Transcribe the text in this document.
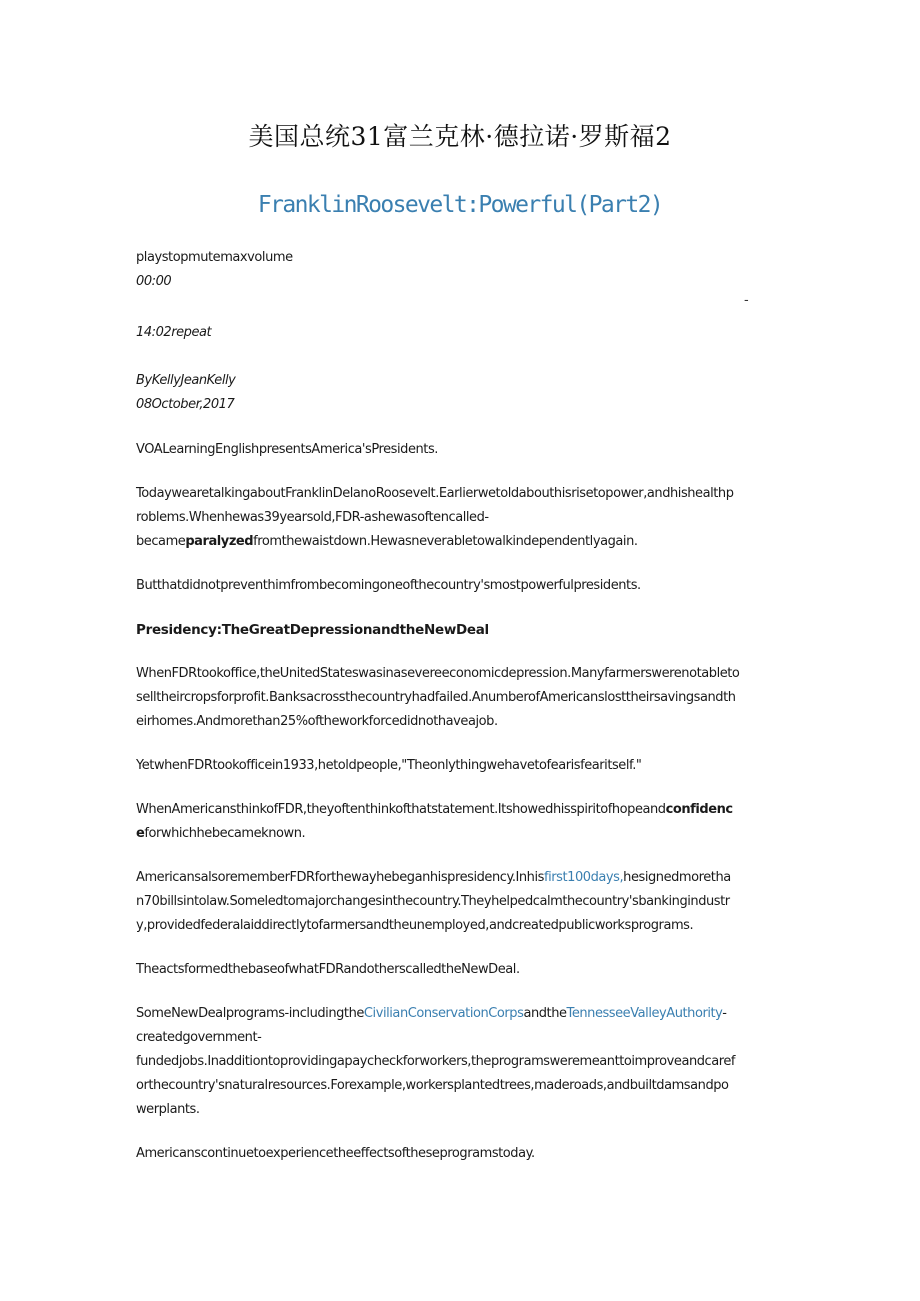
美国总统31富兰克林·德拉诺·罗斯福2
FranklinRoosevelt:Powerful(Part2)
playstopmutemaxvolume
00:00
-
14:02repeat
ByKellyJeanKelly
08October,2017
VOALearningEnglishpresentsAmerica'sPresidents.
TodaywearetalkingaboutFranklinDelanoRoosevelt.Earlierwetoldabouthisrisetopower,andhishealthp
roblems.Whenhewas39yearsold,FDR-ashewasoftencalled-
becameparalyzedfromthewaistdown.Hewasneverabletowalkindependentlyagain.
Butthatdidnotpreventhimfrombecomingoneofthecountry'smostpowerfulpresidents.
Presidency:TheGreatDepressionandtheNewDeal
WhenFDRtookoffice,theUnitedStateswasinasevereeconomicdepression.Manyfarmerswerenotableto
selltheircropsforprofit.Banksacrossthecountryhadfailed.AnumberofAmericanslosttheirsavingsandth
eirhomes.Andmorethan25%oftheworkforcedidnothaveajob.
YetwhenFDRtookofficein1933,hetoldpeople,"Theonlythingwehavetofearisfearitself."
WhenAmericansthinkofFDR,theyoftenthinkofthatstatement.Itshowedhisspiritofhopeandconfidenc
eforwhichhebecameknown.
AmericansalsorememberFDRforthewayhebeganhispresidency.Inhisfirst100days,hesignedmoretha
n70billsintolaw.Someledtomajorchangesinthecountry.Theyhelpedcalmthecountry'sbankingindustr
y,providedfederalaiddirectlytofarmersandtheunemployed,andcreatedpublicworksprograms.
TheactsformedthebaseofwhatFDRandotherscalledtheNewDeal.
SomeNewDealprograms-includingtheCivilianConservationCorpsandtheTennesseeValleyAuthority-
createdgovernment-
fundedjobs.Inadditiontoprovidingapaycheckforworkers,theprogramsweremeanttoimproveandcaref
orthecountry'snaturalresources.Forexample,workersplantedtrees,maderoads,andbuiltdamsandpo
werplants.
Americanscontinuetoexperiencetheeffectsoftheseprogramstoday.
